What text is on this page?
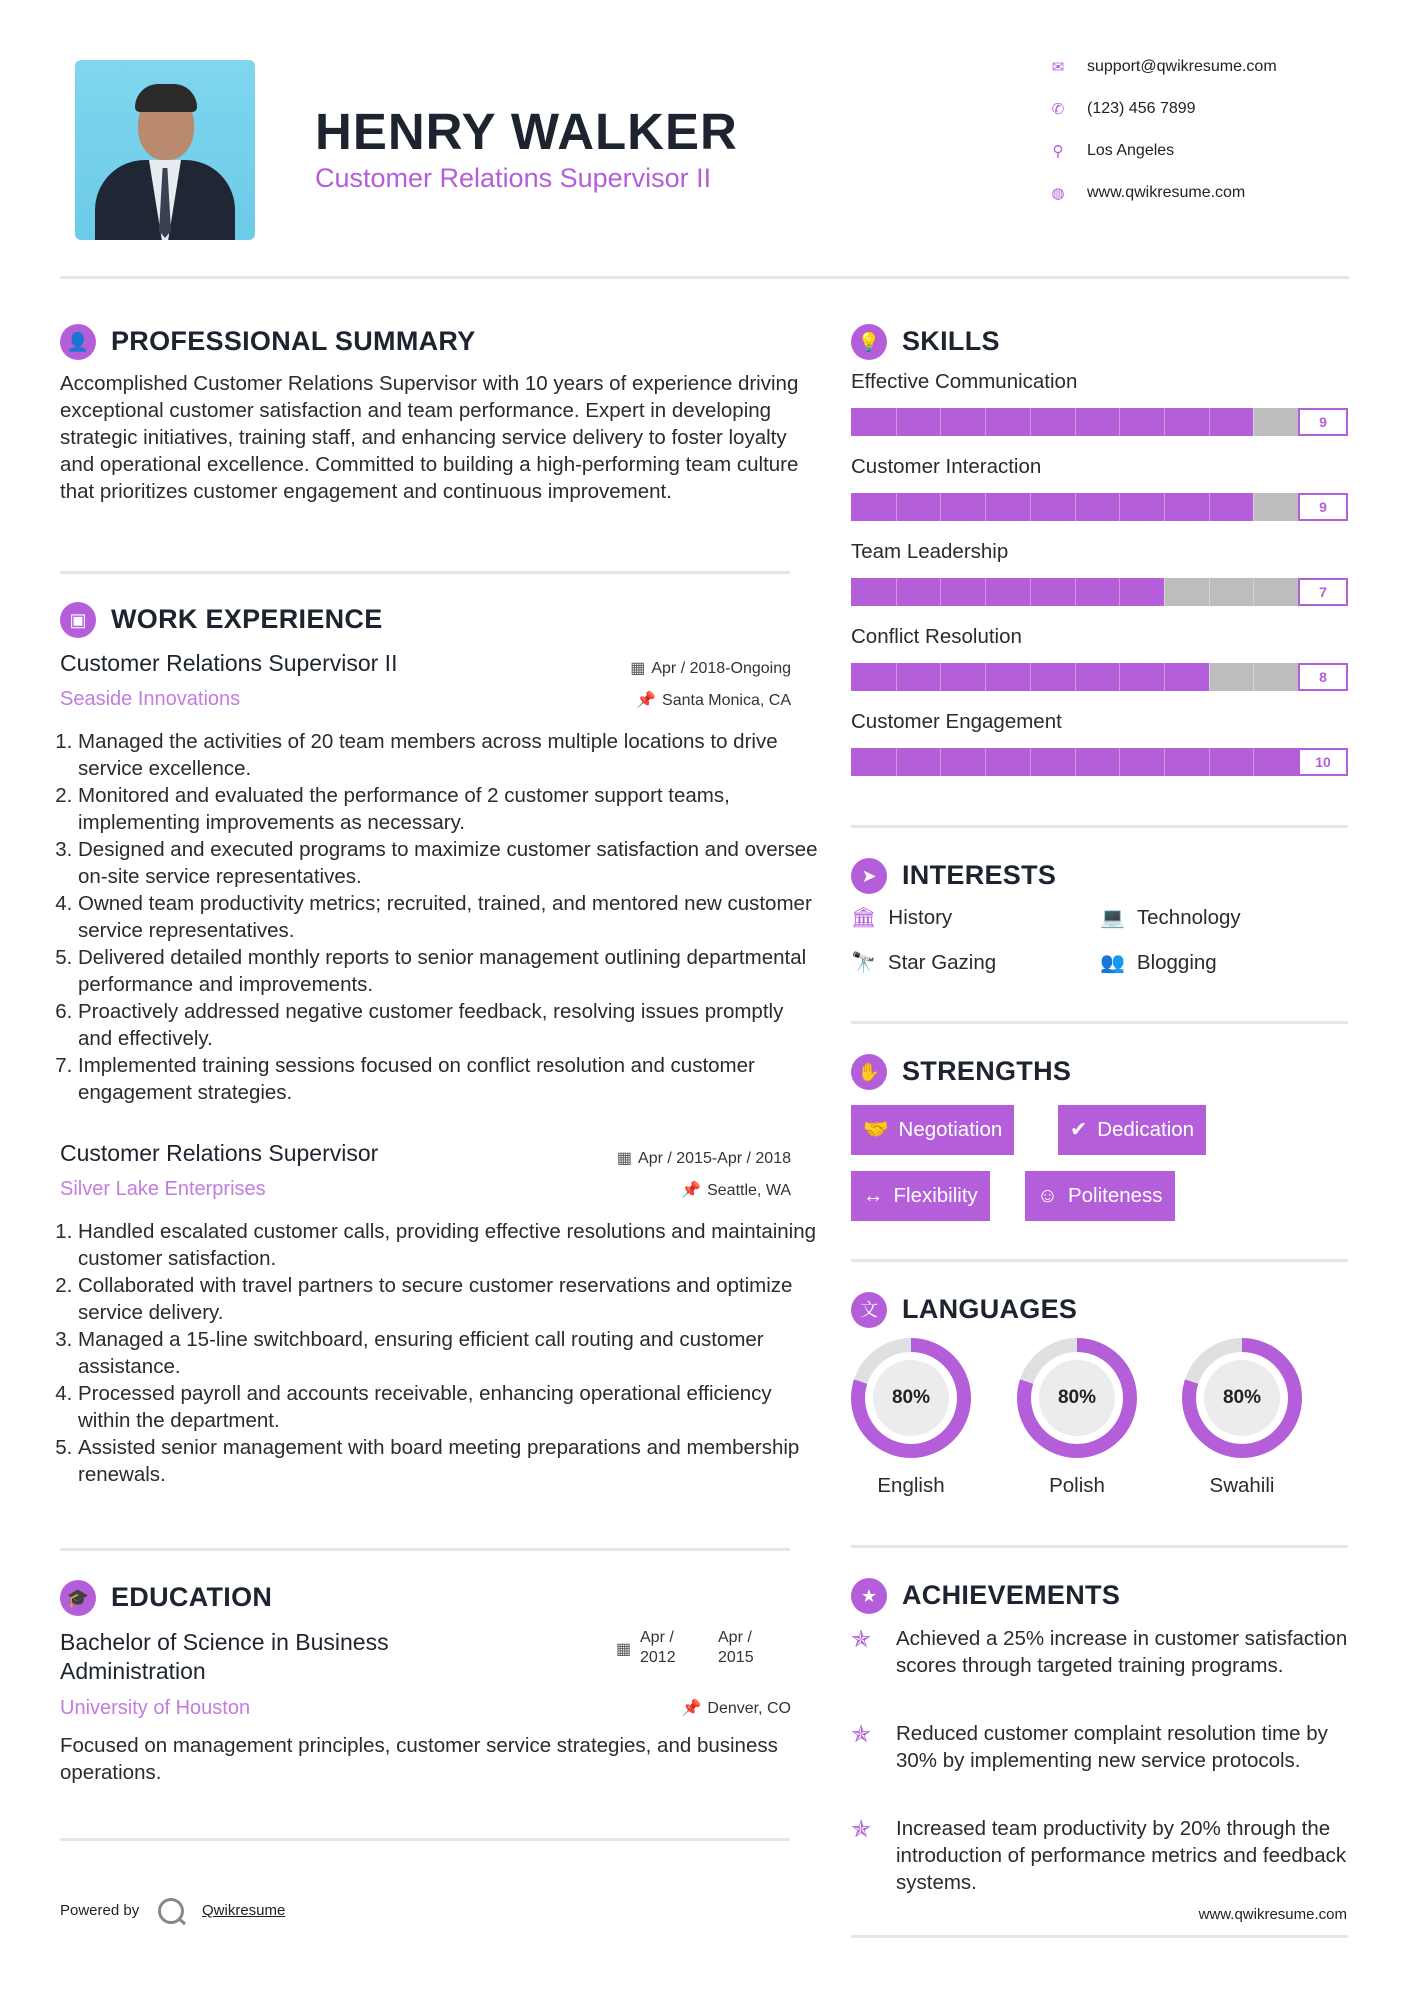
HENRY WALKER
Customer Relations Supervisor II
✉ support@qwikresume.com
✆ (123) 456 7899
⚲ Los Angeles
◍ www.qwikresume.com
👤 PROFESSIONAL SUMMARY
Accomplished Customer Relations Supervisor with 10 years of experience driving exceptional customer satisfaction and team performance. Expert in developing strategic initiatives, training staff, and enhancing service delivery to foster loyalty and operational excellence. Committed to building a high-performing team culture that prioritizes customer engagement and continuous improvement.
▣ WORK EXPERIENCE
Customer Relations Supervisor II	▦ Apr / 2018-Ongoing
Seaside Innovations	📌 Santa Monica, CA
1. Managed the activities of 20 team members across multiple locations to drive service excellence.
2. Monitored and evaluated the performance of 2 customer support teams, implementing improvements as necessary.
3. Designed and executed programs to maximize customer satisfaction and oversee on-site service representatives.
4. Owned team productivity metrics; recruited, trained, and mentored new customer service representatives.
5. Delivered detailed monthly reports to senior management outlining departmental performance and improvements.
6. Proactively addressed negative customer feedback, resolving issues promptly and effectively.
7. Implemented training sessions focused on conflict resolution and customer engagement strategies.
Customer Relations Supervisor	▦ Apr / 2015-Apr / 2018
Silver Lake Enterprises	📌 Seattle, WA
1. Handled escalated customer calls, providing effective resolutions and maintaining customer satisfaction.
2. Collaborated with travel partners to secure customer reservations and optimize service delivery.
3. Managed a 15-line switchboard, ensuring efficient call routing and customer assistance.
4. Processed payroll and accounts receivable, enhancing operational efficiency within the department.
5. Assisted senior management with board meeting preparations and membership renewals.
🎓 EDUCATION
Bachelor of Science in Business Administration
▦
Apr / 2012
Apr / 2015
University of Houston	📌 Denver, CO
Focused on management principles, customer service strategies, and business operations.
Powered by	Qwikresume	www.qwikresume.com
💡 SKILLS
Effective Communication
9
Customer Interaction
9
Team Leadership
7
Conflict Resolution
8
Customer Engagement
10
➤ INTERESTS
🏛 History	💻 Technology
🔭 Star Gazing	👥 Blogging
✋ STRENGTHS
🤝 Negotiation	✔ Dedication
↔ Flexibility	☺ Politeness
文 LANGUAGES
80%
English
80%
Polish
80%
Swahili
★ ACHIEVEMENTS
✯ Achieved a 25% increase in customer satisfaction scores through targeted training programs.
✯ Reduced customer complaint resolution time by 30% by implementing new service protocols.
✯ Increased team productivity by 20% through the introduction of performance metrics and feedback systems.
